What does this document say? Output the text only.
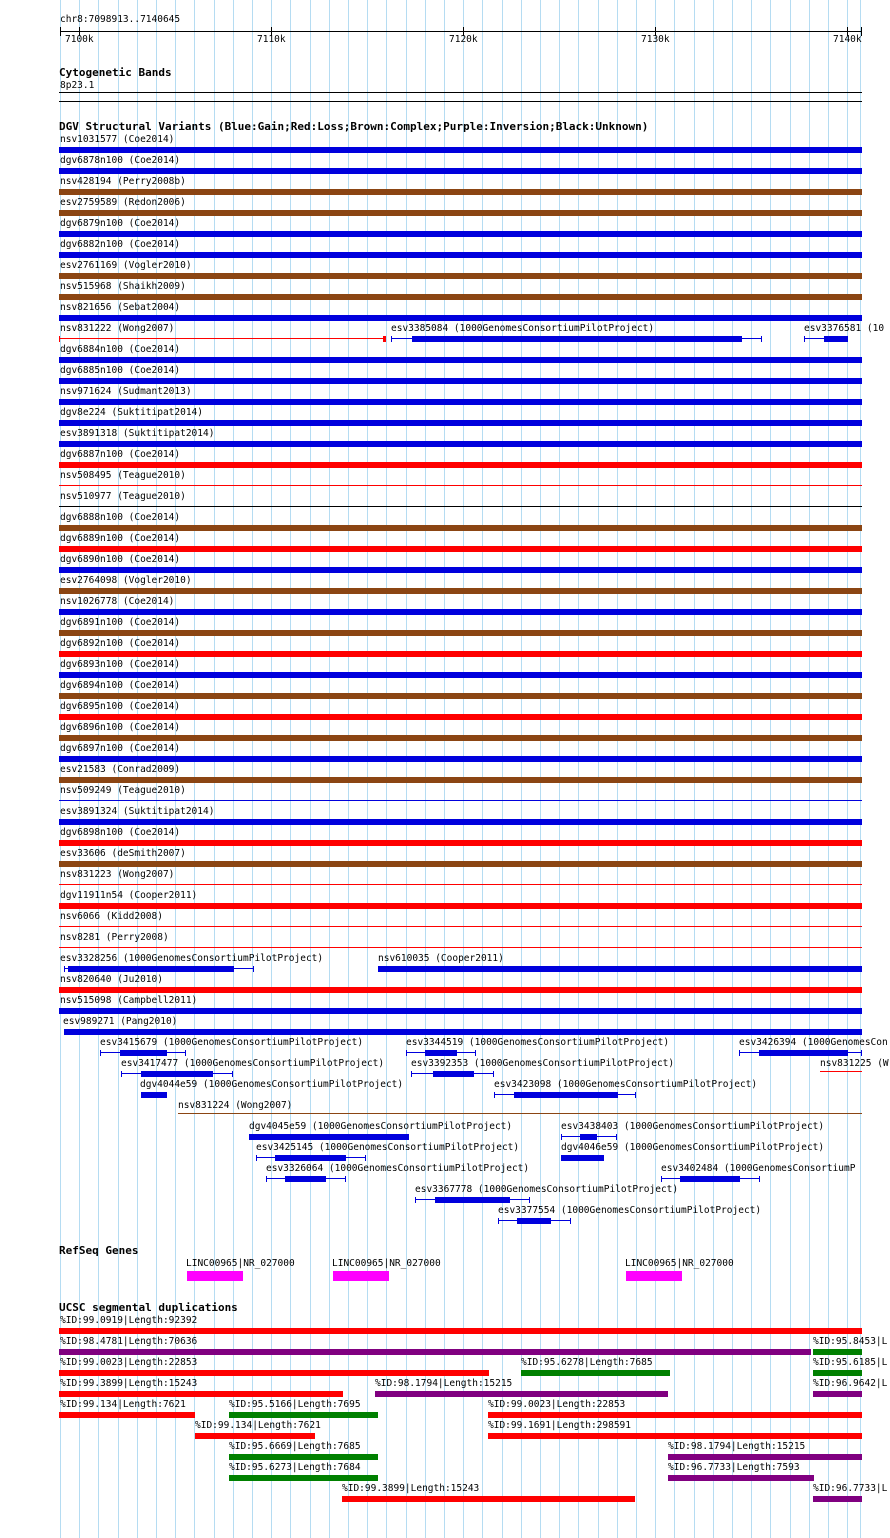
chr8:7098913..7140645
7100k	7110k	7120k	7130k	7140k
Cytogenetic Bands
8p23.1
DGV Structural Variants (Blue:Gain;Red:Loss;Brown:Complex;Purple:Inversion;Black:Unknown)
nsv1031577 (Coe2014)
dgv6878n100 (Coe2014)
nsv428194 (Perry2008b)
esv2759589 (Redon2006)
dgv6879n100 (Coe2014)
dgv6882n100 (Coe2014)
esv2761169 (Vogler2010)
nsv515968 (Shaikh2009)
nsv821656 (Sebat2004)
nsv831222 (Wong2007)	esv3385084 (1000GenomesConsortiumPilotProject)	esv3376581 (10
dgv6884n100 (Coe2014)
dgv6885n100 (Coe2014)
nsv971624 (Sudmant2013)
dgv8e224 (Suktitipat2014)
esv3891318 (Suktitipat2014)
dgv6887n100 (Coe2014)
nsv508495 (Teague2010)
nsv510977 (Teague2010)
dgv6888n100 (Coe2014)
dgv6889n100 (Coe2014)
dgv6890n100 (Coe2014)
esv2764098 (Vogler2010)
nsv1026778 (Coe2014)
dgv6891n100 (Coe2014)
dgv6892n100 (Coe2014)
dgv6893n100 (Coe2014)
dgv6894n100 (Coe2014)
dgv6895n100 (Coe2014)
dgv6896n100 (Coe2014)
dgv6897n100 (Coe2014)
esv21583 (Conrad2009)
nsv509249 (Teague2010)
esv3891324 (Suktitipat2014)
dgv6898n100 (Coe2014)
esv33606 (deSmith2007)
nsv831223 (Wong2007)
dgv11911n54 (Cooper2011)
nsv6066 (Kidd2008)
nsv8281 (Perry2008)
esv3328256 (1000GenomesConsortiumPilotProject)	nsv610035 (Cooper2011)
nsv820640 (Ju2010)
nsv515098 (Campbell2011)
esv989271 (Pang2010)
esv3415679 (1000GenomesConsortiumPilotProject)	esv3344519 (1000GenomesConsortiumPilotProject)	esv3426394 (1000GenomesCon
esv3417477 (1000GenomesConsortiumPilotProject)	esv3392353 (1000GenomesConsortiumPilotProject)	nsv831225 (W
dgv4044e59 (1000GenomesConsortiumPilotProject)	esv3423098 (1000GenomesConsortiumPilotProject)
nsv831224 (Wong2007)
dgv4045e59 (1000GenomesConsortiumPilotProject)	esv3438403 (1000GenomesConsortiumPilotProject)
esv3425145 (1000GenomesConsortiumPilotProject)	dgv4046e59 (1000GenomesConsortiumPilotProject)
esv3326064 (1000GenomesConsortiumPilotProject)	esv3402484 (1000GenomesConsortiumP
esv3367778 (1000GenomesConsortiumPilotProject)
esv3377554 (1000GenomesConsortiumPilotProject)
RefSeq Genes
LINC00965|NR_027000	LINC00965|NR_027000	LINC00965|NR_027000
UCSC segmental duplications
%ID:99.0919|Length:92392
%ID:98.4781|Length:70636	%ID:95.8453|L
%ID:99.0023|Length:22853	%ID:95.6278|Length:7685	%ID:95.6185|L
%ID:99.3899|Length:15243	%ID:98.1794|Length:15215	%ID:96.9642|L
%ID:99.134|Length:7621	%ID:95.5166|Length:7695	%ID:99.0023|Length:22853
%ID:99.134|Length:7621	%ID:99.1691|Length:298591
%ID:95.6669|Length:7685	%ID:98.1794|Length:15215
%ID:95.6273|Length:7684	%ID:96.7733|Length:7593
%ID:99.3899|Length:15243	%ID:96.7733|L
